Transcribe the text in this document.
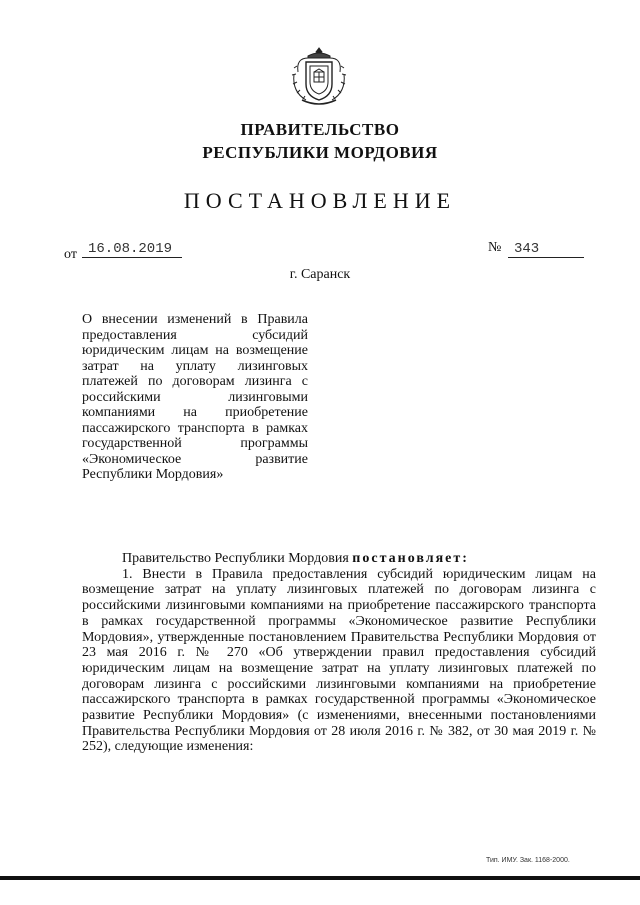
ПРАВИТЕЛЬСТВО
РЕСПУБЛИКИ МОРДОВИЯ
ПОСТАНОВЛЕНИЕ
от 16.08.2019	№ 343
г. Саранск
О внесении изменений в Правила предоставления субсидий юридическим лицам на возмещение затрат на уплату лизинговых платежей по договорам лизинга с российскими лизинговыми компаниями на приобретение пассажирского транспорта в рамках государственной программы «Экономическое развитие Республики Мордовия»

Правительство Республики Мордовия постановляет:

1. Внести в Правила предоставления субсидий юридическим лицам на возмещение затрат на уплату лизинговых платежей по договорам лизинга с российскими лизинговыми компаниями на приобретение пассажирского транспорта в рамках государственной программы «Экономическое развитие Республики Мордовия», утвержденные постановлением Правительства Республики Мордовия от 23 мая 2016 г. № 270 «Об утверждении правил предоставления субсидий юридическим лицам на возмещение затрат на уплату лизинговых платежей по договорам лизинга с российскими лизинговыми компаниями на приобретение пассажирского транспорта в рамках государственной программы «Экономическое развитие Республики Мордовия» (с изменениями, внесенными постановлениями Правительства Республики Мордовия от 28 июля 2016 г. № 382, от 30 мая 2019 г. № 252), следующие изменения:

Тип. ИМУ. Зак. 1168-2000.
